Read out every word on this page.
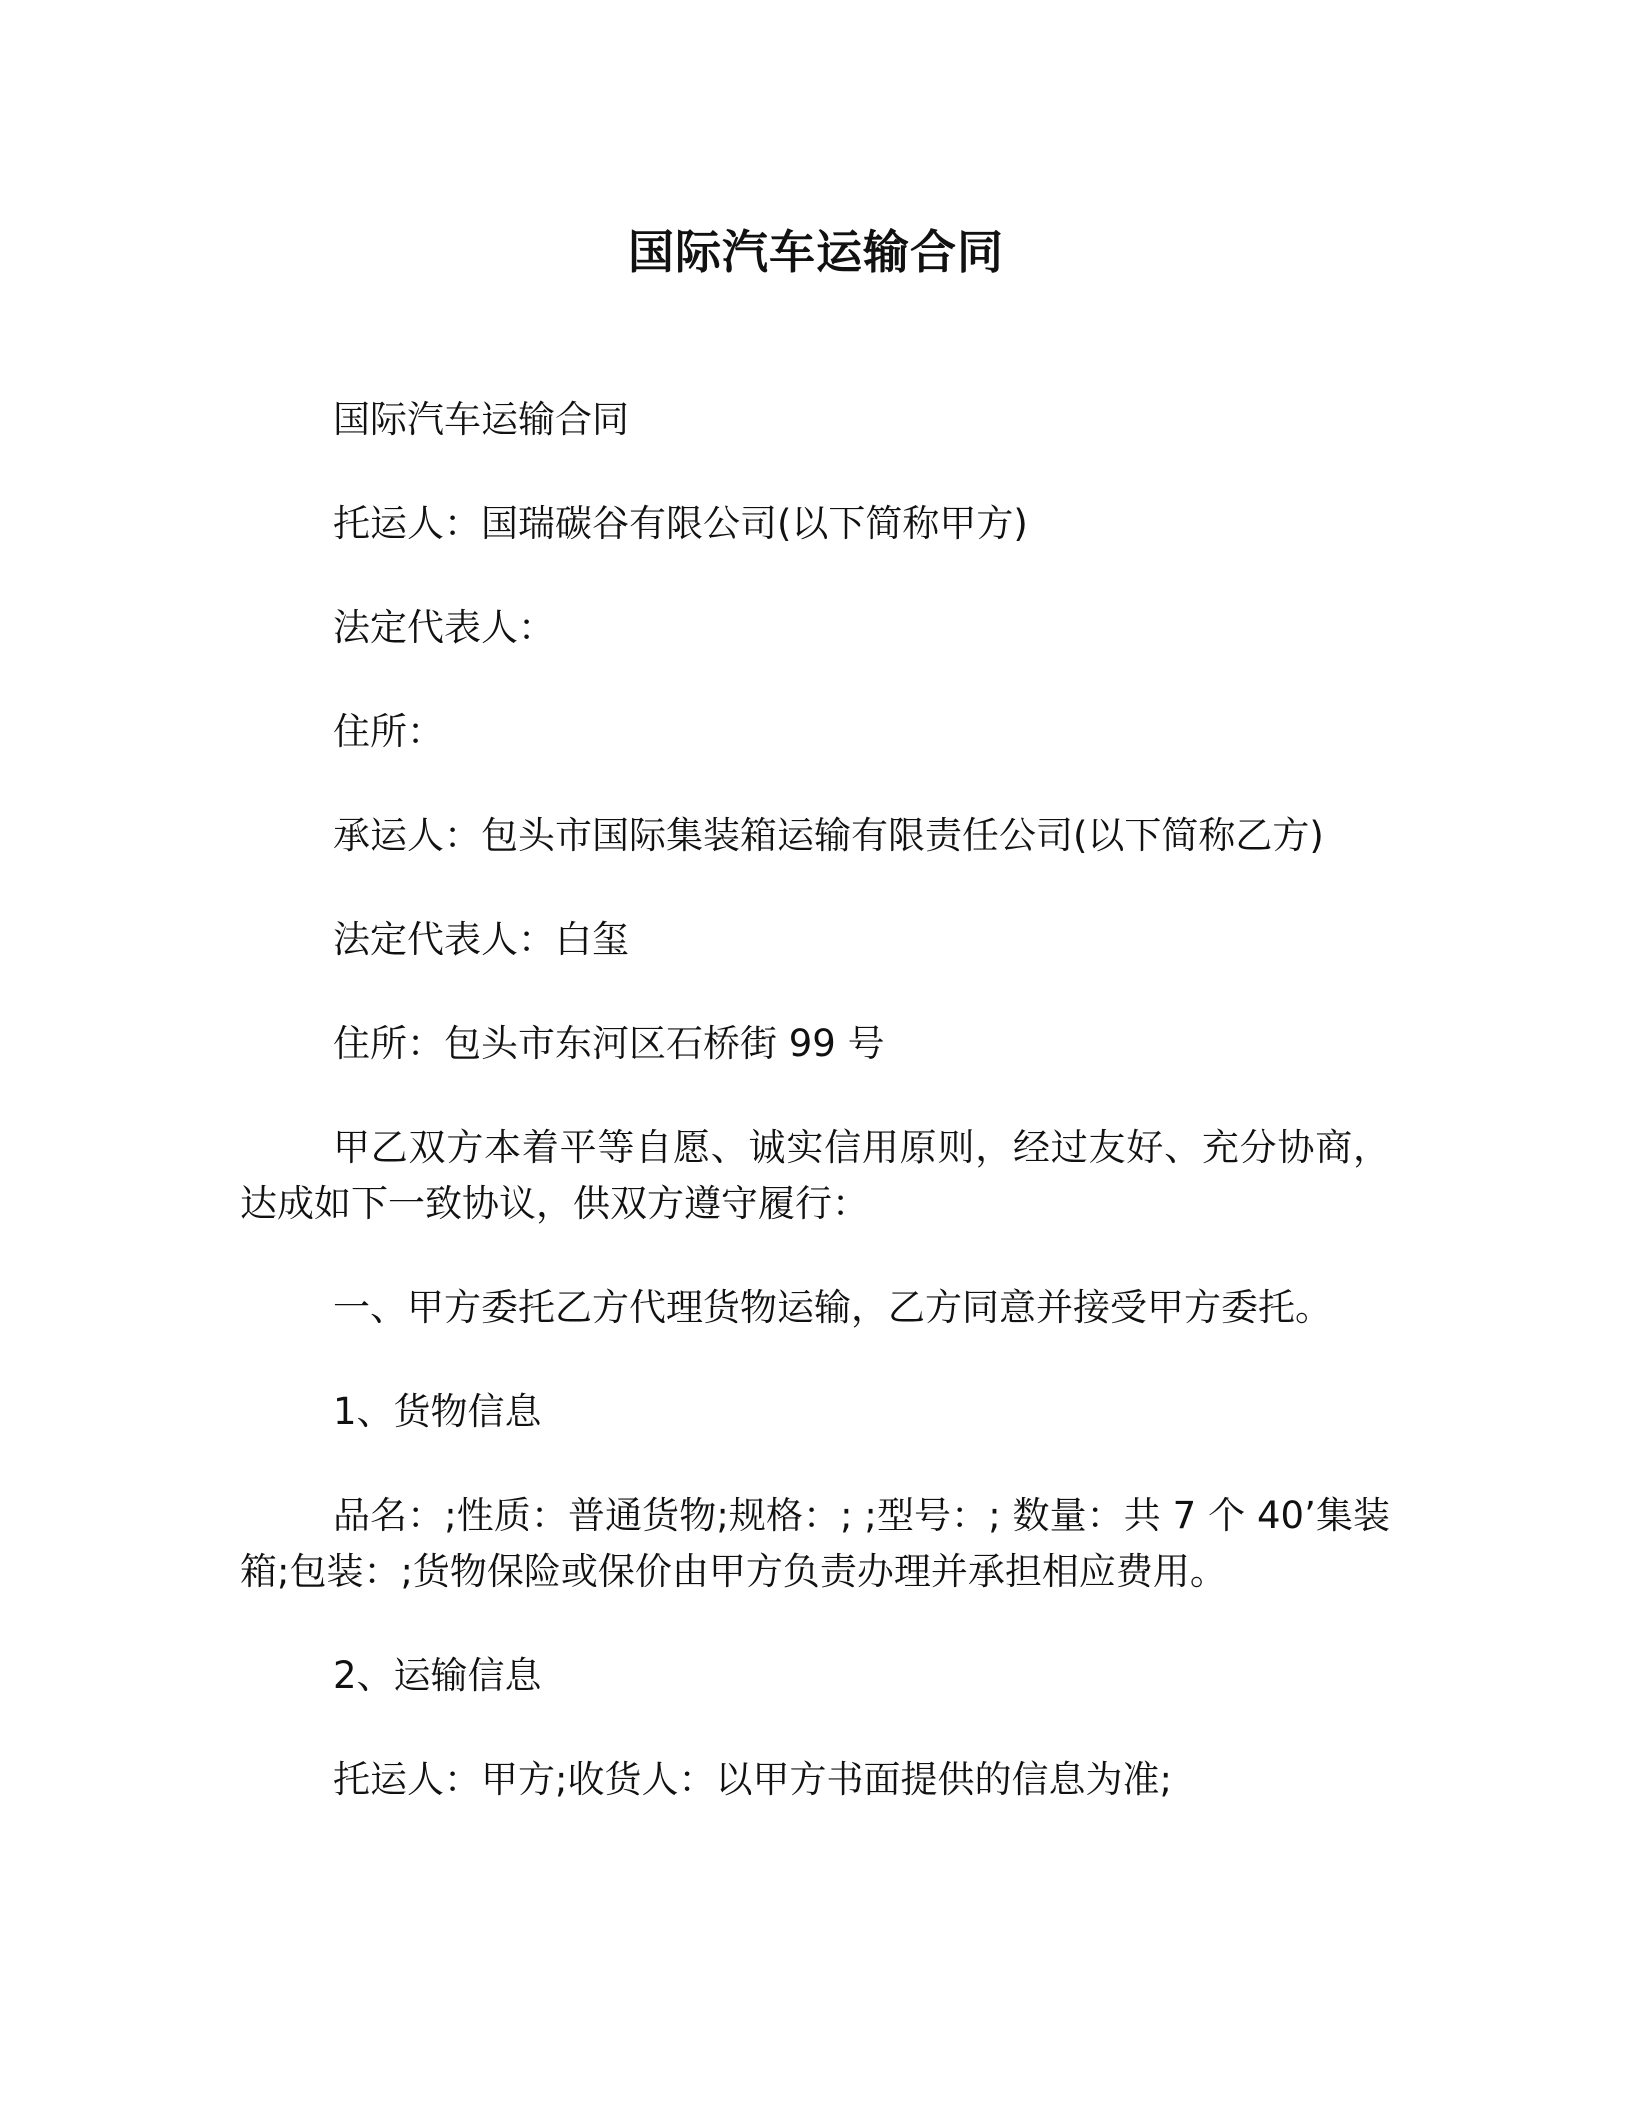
国际汽车运输合同

国际汽车运输合同

托运人：国瑞碳谷有限公司(以下简称甲方)

法定代表人：

住所：

承运人：包头市国际集装箱运输有限责任公司(以下简称乙方)

法定代表人：白玺

住所：包头市东河区石桥街 99 号

甲乙双方本着平等自愿、诚实信用原则，经过友好、充分协商，达成如下一致协议，供双方遵守履行：

一、甲方委托乙方代理货物运输，乙方同意并接受甲方委托。

1、货物信息

品名：;性质：普通货物;规格：; ;型号：; 数量：共 7 个 40’集装箱;包装：;货物保险或保价由甲方负责办理并承担相应费用。

2、运输信息

托运人：甲方;收货人：以甲方书面提供的信息为准;
